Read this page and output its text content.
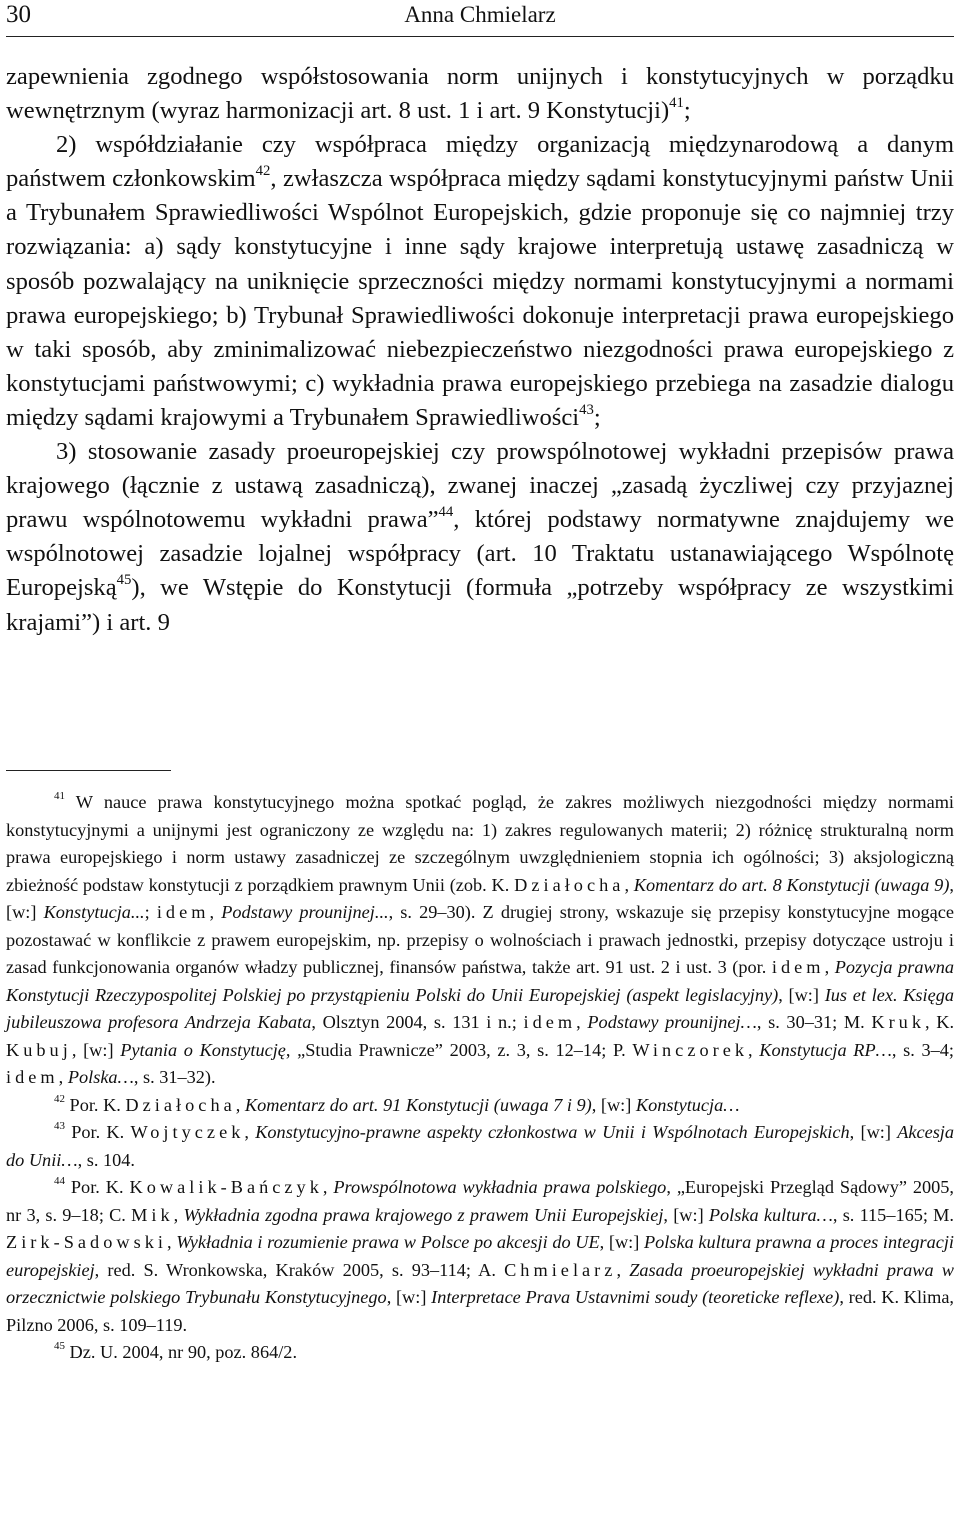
30	Anna Chmielarz

zapewnienia zgodnego współstosowania norm unijnych i konstytucyjnych w porządku wewnętrznym (wyraz harmonizacji art. 8 ust. 1 i art. 9 Konstytucji)$^{41}$;

2) współdziałanie czy współpraca między organizacją międzynarodową a danym państwem członkowskim$^{42}$, zwłaszcza współpraca między sądami konstytucyjnymi państw Unii a Trybunałem Sprawiedliwości Wspólnot Europejskich, gdzie proponuje się co najmniej trzy rozwiązania: a) sądy konstytucyjne i inne sądy krajowe interpretują ustawę zasadniczą w sposób pozwalający na uniknięcie sprzeczności między normami konstytucyjnymi a normami prawa europejskiego; b) Trybunał Sprawiedliwości dokonuje interpretacji prawa europejskiego w taki sposób, aby zminimalizować niebezpieczeństwo niezgodności prawa europejskiego z konstytucjami państwowymi; c) wykładnia prawa europejskiego przebiega na zasadzie dialogu między sądami krajowymi a Trybunałem Sprawiedliwości$^{43}$;

3) stosowanie zasady proeuropejskiej czy prowspólnotowej wykładni przepisów prawa krajowego (łącznie z ustawą zasadniczą), zwanej inaczej „zasadą życzliwej czy przyjaznej prawu wspólnotowemu wykładni prawa”$^{44}$, której podstawy normatywne znajdujemy we wspólnotowej zasadzie lojalnej współpracy (art. 10 Traktatu ustanawiającego Wspólnotę Europejską$^{45}$), we Wstępie do Konstytucji (formuła „potrzeby współpracy ze wszystkimi krajami”) i art. 9

$^{41}$ W nauce prawa konstytucyjnego można spotkać pogląd, że zakres możliwych niezgodności między normami konstytucyjnymi a unijnymi jest ograniczony ze względu na: 1) zakres regulowanych materii; 2) różnicę strukturalną norm prawa europejskiego i norm ustawy zasadniczej ze szczególnym uwzględnieniem stopnia ich ogólności; 3) aksjologiczną zbieżność podstaw konstytucji z porządkiem prawnym Unii (zob. K. Działocha, Komentarz do art. 8 Konstytucji (uwaga 9), [w:] Konstytucja...; idem, Podstawy prounijnej..., s. 29–30). Z drugiej strony, wskazuje się przepisy konstytucyjne mogące pozostawać w konflikcie z prawem europejskim, np. przepisy o wolnościach i prawach jednostki, przepisy dotyczące ustroju i zasad funkcjonowania organów władzy publicznej, finansów państwa, także art. 91 ust. 2 i ust. 3 (por. idem, Pozycja prawna Konstytucji Rzeczypospolitej Polskiej po przystąpieniu Polski do Unii Europejskiej (aspekt legislacyjny), [w:] Ius et lex. Księga jubileuszowa profesora Andrzeja Kabata, Olsztyn 2004, s. 131 i n.; idem, Podstawy prounijnej…, s. 30–31; M. Kruk, K. Kubuj, [w:] Pytania o Konstytucję, „Studia Prawnicze” 2003, z. 3, s. 12–14; P. Winczorek, Konstytucja RP…, s. 3–4; idem, Polska…, s. 31–32).

$^{42}$ Por. K. Działocha, Komentarz do art. 91 Konstytucji (uwaga 7 i 9), [w:] Konstytucja…

$^{43}$ Por. K. Wojtyczek, Konstytucyjno-prawne aspekty członkostwa w Unii i Wspólnotach Europejskich, [w:] Akcesja do Unii…, s. 104.

$^{44}$ Por. K. Kowalik-Bańczyk, Prowspólnotowa wykładnia prawa polskiego, „Europejski Przegląd Sądowy” 2005, nr 3, s. 9–18; C. Mik, Wykładnia zgodna prawa krajowego z prawem Unii Europejskiej, [w:] Polska kultura…, s. 115–165; M. Zirk-Sadowski, Wykładnia i rozumienie prawa w Polsce po akcesji do UE, [w:] Polska kultura prawna a proces integracji europejskiej, red. S. Wronkowska, Kraków 2005, s. 93–114; A. Chmielarz, Zasada proeuropejskiej wykładni prawa w orzecznictwie polskiego Trybunału Konstytucyjnego, [w:] Interpretace Prava Ustavnimi soudy (teoreticke reflexe), red. K. Klima, Pilzno 2006, s. 109–119.

$^{45}$ Dz. U. 2004, nr 90, poz. 864/2.
